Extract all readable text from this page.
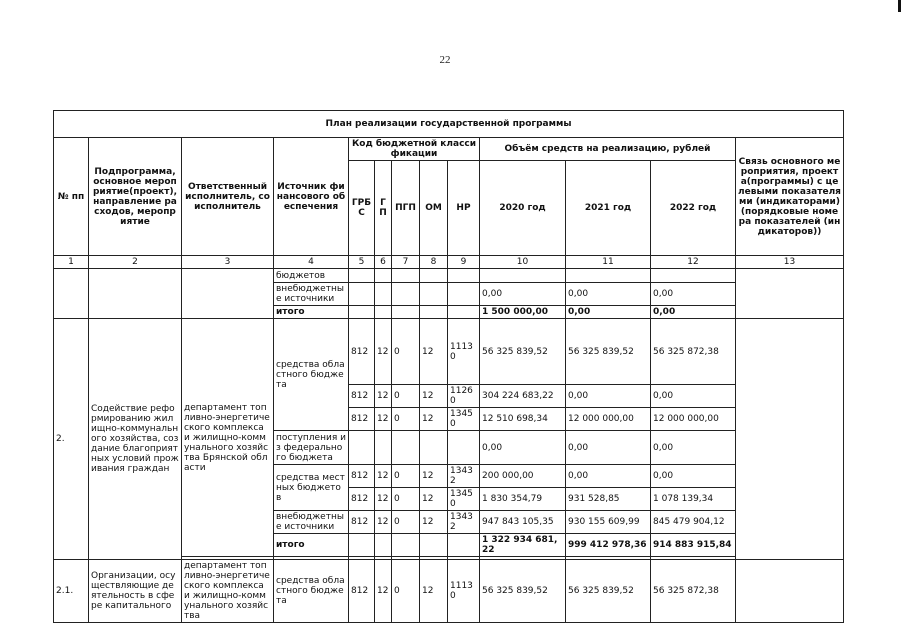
22
План реализации государственной программы												
№ пп	Подпрограмма, основное мероприятие(проект), направление расходов, мероприятие	Ответственный исполнитель, соисполнитель	Источник финансового обеспечения	Код бюджетной классификации					Объём средств на реализацию, рублей			Связь основного мероприятия, проекта(программы) с целевыми показателями (индикаторами) (порядковые номера показателей (индикаторов))
				ГРБС	ГП	ПГП	ОМ	НР	2020 год	2021 год	2022 год	
1	2	3	4	5	6	7	8	9	10	11	12	13
			бюджетов									
			внебюджетные источники						0,00	0,00	0,00	
			итого						1 500 000,00	0,00	0,00	
2.	Содействие реформированию жилищно-коммунального хозяйства, создание благоприятных условий проживания граждан	департамент топливно-энергетического комплекса и жилищно-коммунального хозяйства Брянской области	средства областного бюджета	812	12	0	12	11130	56 325 839,52	56 325 839,52	56 325 872,38	
				812	12	0	12	11260	304 224 683,22	0,00	0,00	
				812	12	0	12	13450	12 510 698,34	12 000 000,00	12 000 000,00	
			поступления из федерального бюджета						0,00	0,00	0,00	
			средства местных бюджетов	812	12	0	12	13432	200 000,00	0,00	0,00	
				812	12	0	12	13450	1 830 354,79	931 528,85	1 078 139,34	
			внебюджетные источники	812	12	0	12	13432	947 843 105,35	930 155 609,99	845 479 904,12	
			итого						1 322 934 681,22	999 412 978,36	914 883 915,84	

2.1.	Организации, осуществляющие деятельность в сфере капитального	департамент топливно-энергетического комплекса и жилищно-коммунального хозяйства	средства областного бюджета	812	12	0	12	11130	56 325 839,52	56 325 839,52	56 325 872,38	
